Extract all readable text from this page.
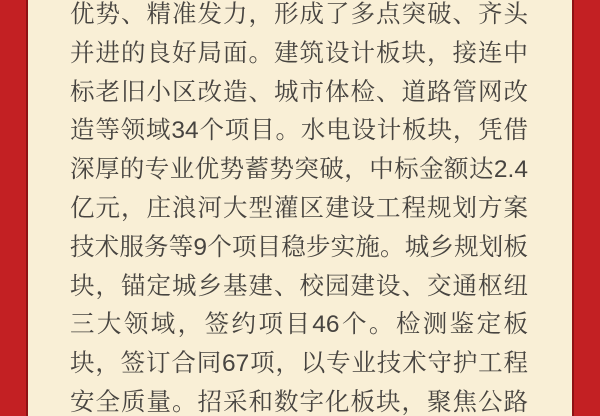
优势、精准发力，形成了多点突破、齐头
并进的良好局面。建筑设计板块，接连中
标老旧小区改造、城市体检、道路管网改
造等领域34个项目。水电设计板块，凭借
深厚的专业优势蓄势突破，中标金额达2.4
亿元，庄浪河大型灌区建设工程规划方案
技术服务等9个项目稳步实施。城乡规划板
块，锚定城乡基建、校园建设、交通枢纽
三大领域，签约项目46个。检测鉴定板
块，签订合同67项，以专业技术守护工程
安全质量。招采和数字化板块，聚焦公路
